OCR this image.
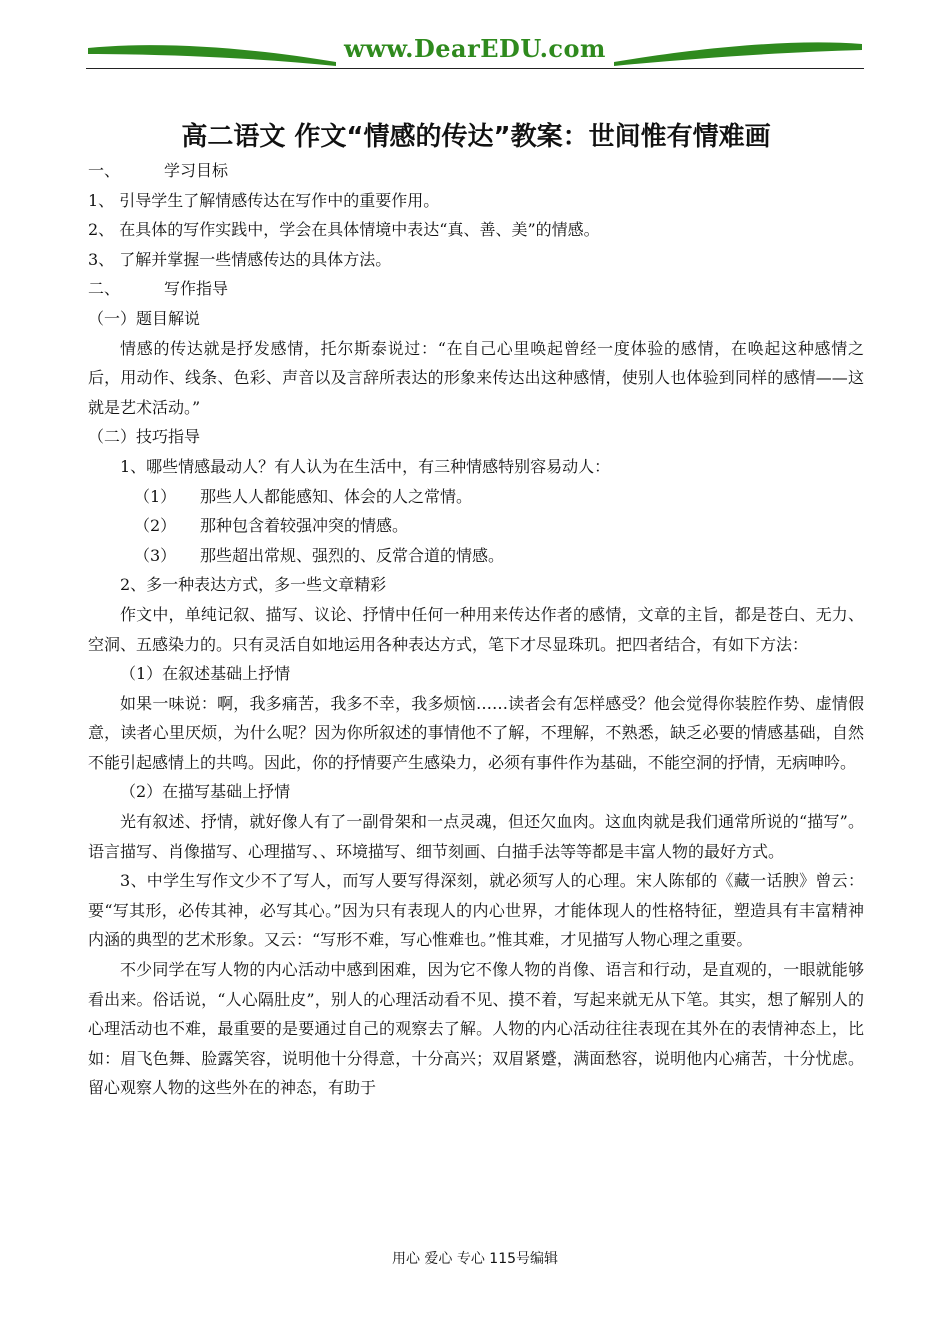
www.DearEDU.com
高二语文 作文“情感的传达”教案：世间惟有情难画

一、	学习目标

1、 引导学生了解情感传达在写作中的重要作用。

2、 在具体的写作实践中，学会在具体情境中表达“真、善、美”的情感。

3、 了解并掌握一些情感传达的具体方法。

二、	写作指导

（一）题目解说

情感的传达就是抒发感情，托尔斯泰说过：“在自己心里唤起曾经一度体验的感情，在唤起这种感情之后，用动作、线条、色彩、声音以及言辞所表达的形象来传达出这种感情，使别人也体验到同样的感情——这就是艺术活动。”

（二）技巧指导

1、哪些情感最动人？有人认为在生活中，有三种情感特别容易动人：

（1） 那些人人都能感知、体会的人之常情。

（2） 那种包含着较强冲突的情感。

（3） 那些超出常规、强烈的、反常合道的情感。

2、多一种表达方式，多一些文章精彩

作文中，单纯记叙、描写、议论、抒情中任何一种用来传达作者的感情，文章的主旨，都是苍白、无力、空洞、五感染力的。只有灵活自如地运用各种表达方式，笔下才尽显珠玑。把四者结合，有如下方法：

（1）在叙述基础上抒情

如果一味说：啊，我多痛苦，我多不幸，我多烦恼……读者会有怎样感受？他会觉得你装腔作势、虚情假意，读者心里厌烦，为什么呢？因为你所叙述的事情他不了解，不理解，不熟悉，缺乏必要的情感基础，自然不能引起感情上的共鸣。因此，你的抒情要产生感染力，必须有事件作为基础，不能空洞的抒情，无病呻吟。

（2）在描写基础上抒情

光有叙述、抒情，就好像人有了一副骨架和一点灵魂，但还欠血肉。这血肉就是我们通常所说的“描写”。语言描写、肖像描写、心理描写、、环境描写、细节刻画、白描手法等等都是丰富人物的最好方式。

3、中学生写作文少不了写人，而写人要写得深刻，就必须写人的心理。宋人陈郁的《藏一话腴》曾云：要“写其形，必传其神，必写其心。”因为只有表现人的内心世界，才能体现人的性格特征，塑造具有丰富精神内涵的典型的艺术形象。又云：“写形不难，写心惟难也。”惟其难，才见描写人物心理之重要。

不少同学在写人物的内心活动中感到困难，因为它不像人物的肖像、语言和行动，是直观的，一眼就能够看出来。俗话说，“人心隔肚皮”，别人的心理活动看不见、摸不着，写起来就无从下笔。其实，想了解别人的心理活动也不难，最重要的是要通过自己的观察去了解。人物的内心活动往往表现在其外在的表情神态上，比如：眉飞色舞、脸露笑容，说明他十分得意，十分高兴；双眉紧蹙，满面愁容，说明他内心痛苦，十分忧虑。留心观察人物的这些外在的神态，有助于

用心 爱心 专心 115号编辑
